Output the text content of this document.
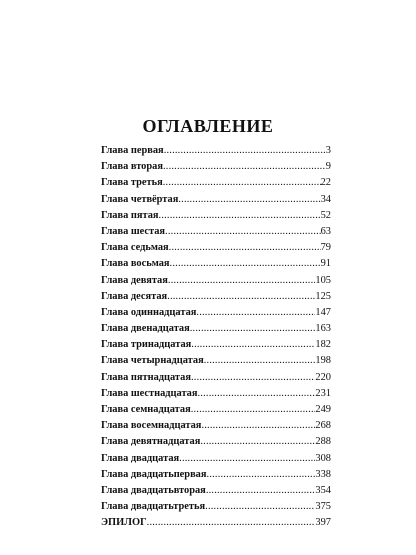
ОГЛАВЛЕНИЕ
Глава первая .....	3
Глава вторая .....	9
Глава третья .....	22
Глава четвёртая .....	34
Глава пятая .....	52
Глава шестая .....	63
Глава седьмая .....	79
Глава восьмая .....	91
Глава девятая .....	105
Глава десятая .....	125
Глава одиннадцатая .....	147
Глава двенадцатая .....	163
Глава тринадцатая .....	182
Глава четырнадцатая .....	198
Глава пятнадцатая .....	220
Глава шестнадцатая .....	231
Глава семнадцатая .....	249
Глава восемнадцатая .....	268
Глава девятнадцатая .....	288
Глава двадцатая .....	308
Глава двадцатьпервая .....	338
Глава двадцатьвторая .....	354
Глава двадцатьтретья .....	375
ЭПИЛОГ .....	397
